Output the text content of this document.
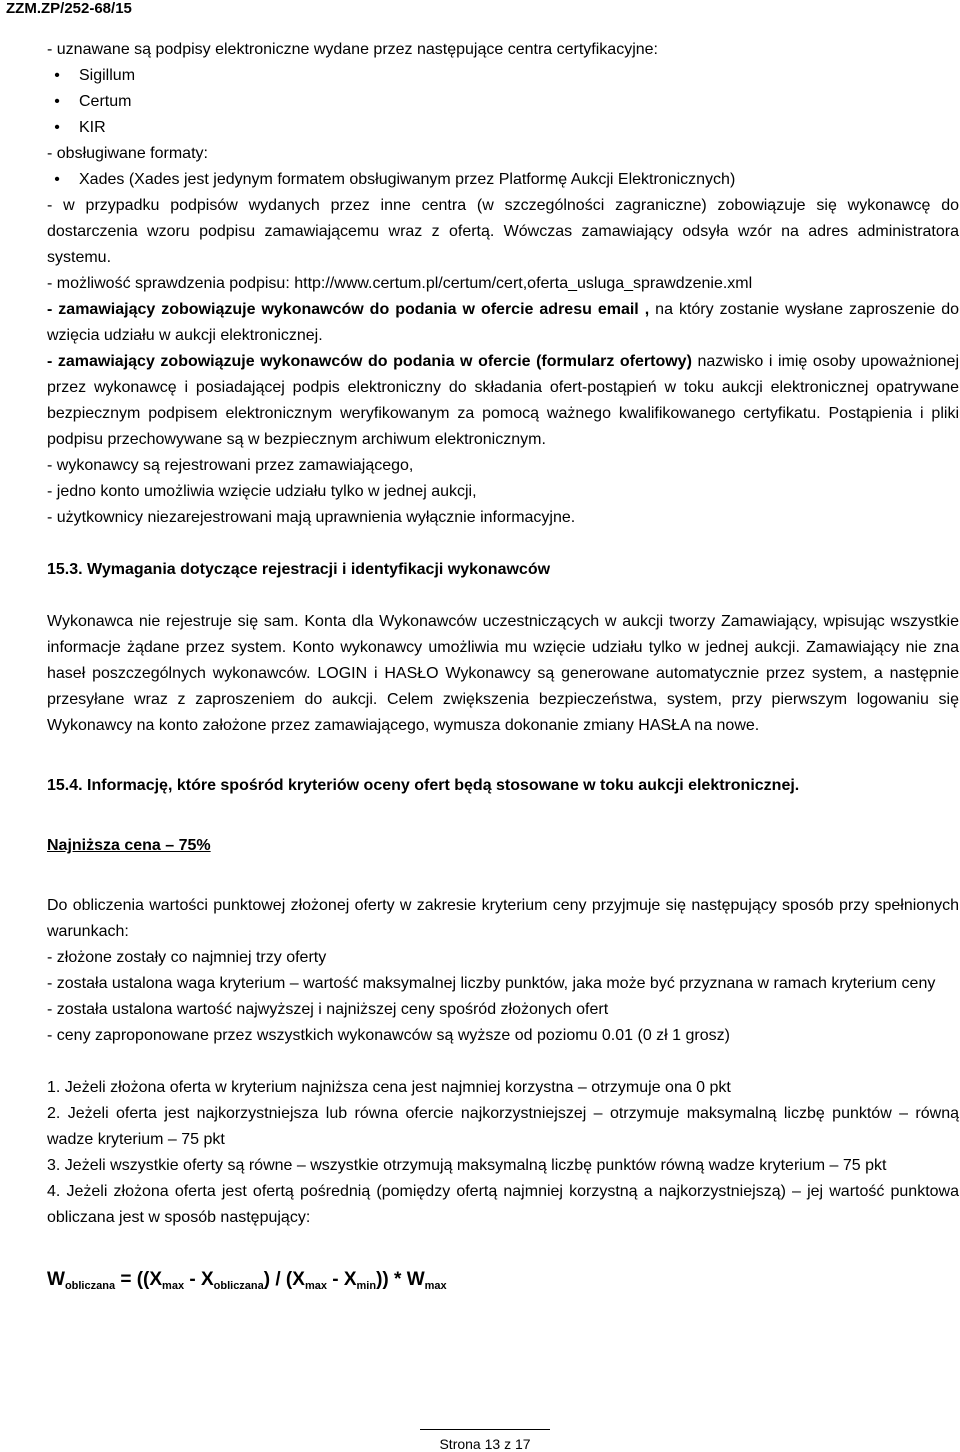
ZZM.ZP/252-68/15

- uznawane są podpisy elektroniczne wydane przez następujące centra certyfikacyjne:

•	Sigillum

•	Certum

•	KIR

- obsługiwane formaty:

•	Xades (Xades jest jedynym formatem obsługiwanym przez Platformę Aukcji Elektronicznych)

- w przypadku podpisów wydanych przez inne centra (w szczególności zagraniczne) zobowiązuje się wykonawcę do dostarczenia wzoru podpisu zamawiającemu wraz z ofertą. Wówczas zamawiający odsyła wzór na adres administratora systemu.

- możliwość sprawdzenia podpisu: http://www.certum.pl/certum/cert,oferta_usluga_sprawdzenie.xml

- zamawiający zobowiązuje wykonawców do podania w ofercie adresu email , na który zostanie wysłane zaproszenie do wzięcia udziału w aukcji elektronicznej.

- zamawiający zobowiązuje wykonawców do podania w ofercie (formularz ofertowy) nazwisko i imię osoby upoważnionej przez wykonawcę i posiadającej podpis elektroniczny do składania ofert-postąpień w toku aukcji elektronicznej opatrywane bezpiecznym podpisem elektronicznym weryfikowanym za pomocą ważnego kwalifikowanego certyfikatu. Postąpienia i pliki podpisu przechowywane są w bezpiecznym archiwum elektronicznym.

- wykonawcy są rejestrowani przez zamawiającego,

- jedno konto umożliwia wzięcie udziału tylko w jednej aukcji,

- użytkownicy niezarejestrowani mają uprawnienia wyłącznie informacyjne.

15.3. Wymagania dotyczące rejestracji i identyfikacji wykonawców

Wykonawca nie rejestruje się sam. Konta dla Wykonawców uczestniczących w aukcji tworzy Zamawiający, wpisując wszystkie informacje żądane przez system. Konto wykonawcy umożliwia mu wzięcie udziału tylko w jednej aukcji. Zamawiający nie zna haseł poszczególnych wykonawców. LOGIN i HASŁO Wykonawcy są generowane automatycznie przez system, a następnie przesyłane wraz z zaproszeniem do aukcji. Celem zwiększenia bezpieczeństwa, system, przy pierwszym logowaniu się Wykonawcy na konto założone przez zamawiającego, wymusza dokonanie zmiany HASŁA na nowe.

15.4. Informację, które spośród kryteriów oceny ofert będą stosowane w toku aukcji elektronicznej.

Najniższa cena – 75%

Do obliczenia wartości punktowej złożonej oferty w zakresie kryterium ceny przyjmuje się następujący sposób przy spełnionych warunkach:

- złożone zostały co najmniej trzy oferty

- została ustalona waga kryterium – wartość maksymalnej liczby punktów, jaka może być przyznana w ramach kryterium ceny

- została ustalona wartość najwyższej i najniższej ceny spośród złożonych ofert

- ceny zaproponowane przez wszystkich wykonawców są wyższe od poziomu 0.01 (0 zł 1 grosz)

1. Jeżeli złożona oferta w kryterium najniższa cena jest najmniej korzystna – otrzymuje ona 0 pkt

2. Jeżeli oferta jest najkorzystniejsza lub równa ofercie najkorzystniejszej – otrzymuje maksymalną liczbę punktów – równą wadze kryterium – 75 pkt

3. Jeżeli wszystkie oferty są równe – wszystkie otrzymują maksymalną liczbę punktów równą wadze kryterium – 75 pkt

4. Jeżeli złożona oferta jest ofertą pośrednią (pomiędzy ofertą najmniej korzystną a najkorzystniejszą) – jej wartość punktowa obliczana jest w sposób następujący:

$W_{obliczana} = ((X_{max} - X_{obliczana}) / (X_{max} - X_{min})) * W_{max}$

Strona 13 z 17
